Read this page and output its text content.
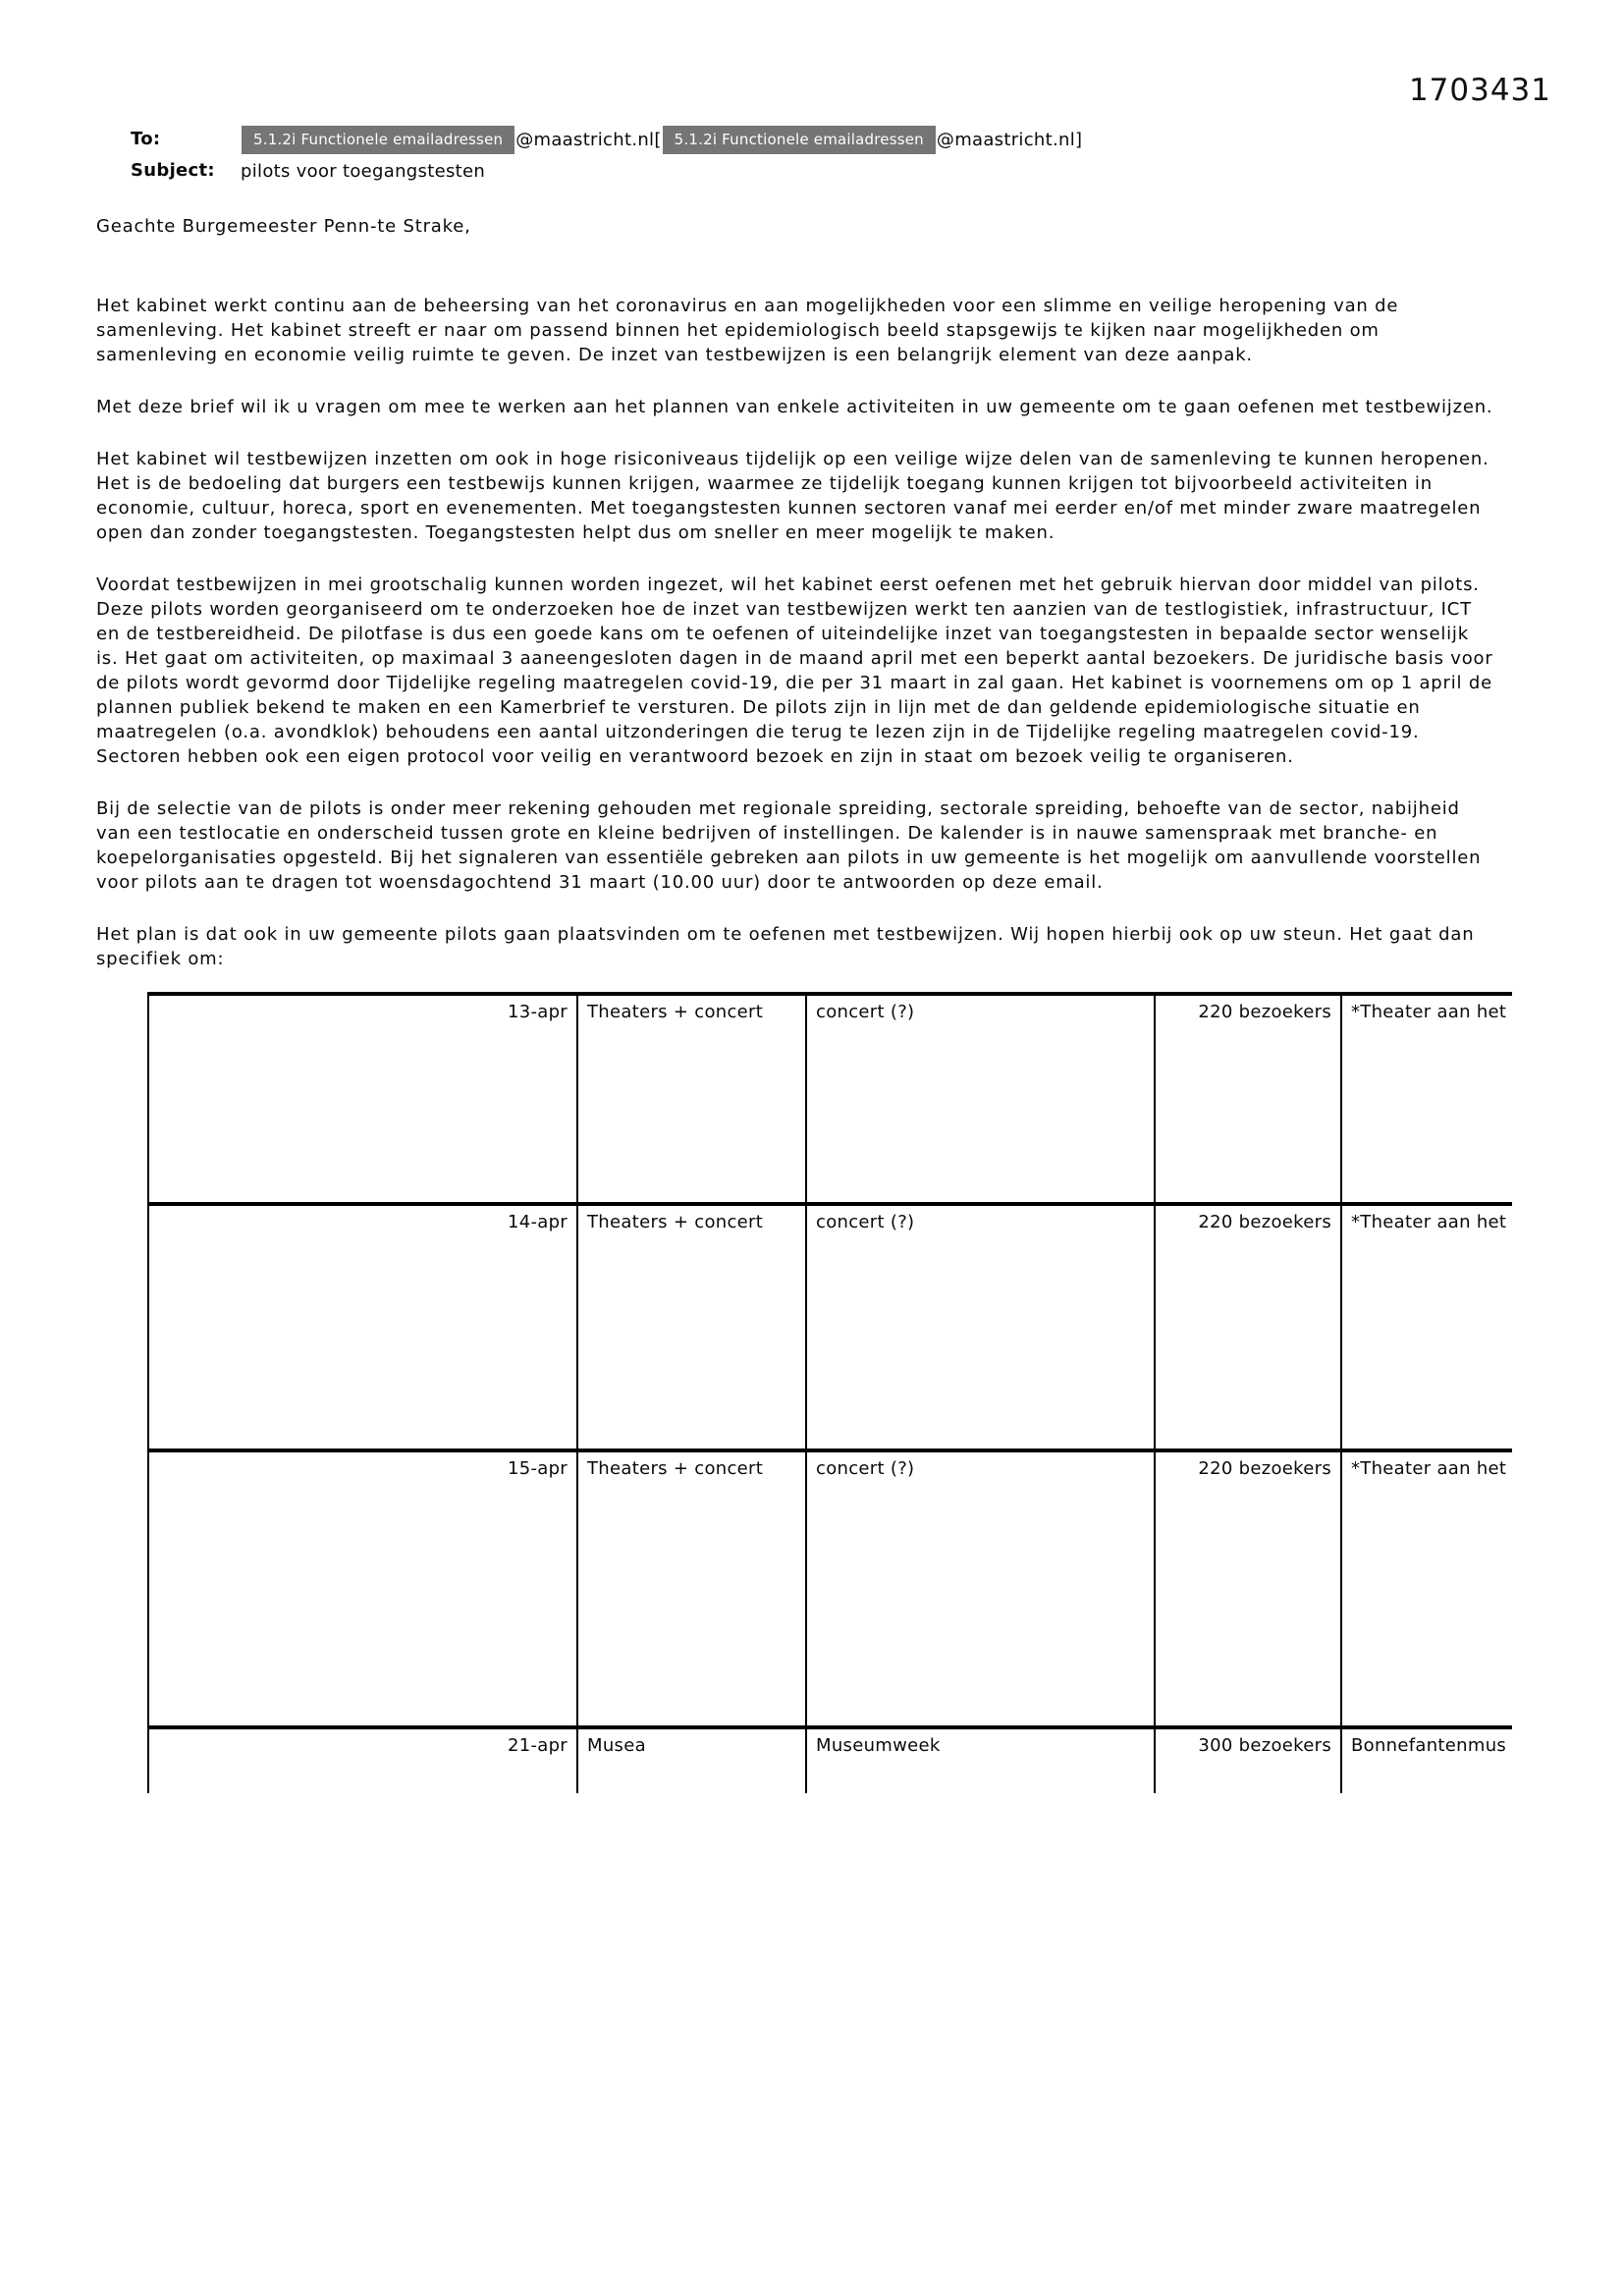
1703431
To:	5.1.2i Functionele emailadressen @maastricht.nl[ 5.1.2i Functionele emailadressen @maastricht.nl]
Subject:	pilots voor toegangstesten

Geachte Burgemeester Penn-te Strake,

Het kabinet werkt continu aan de beheersing van het coronavirus en aan mogelijkheden voor een slimme en veilige heropening van de samenleving. Het kabinet streeft er naar om passend binnen het epidemiologisch beeld stapsgewijs te kijken naar mogelijkheden om samenleving en economie veilig ruimte te geven. De inzet van testbewijzen is een belangrijk element van deze aanpak.

Met deze brief wil ik u vragen om mee te werken aan het plannen van enkele activiteiten in uw gemeente om te gaan oefenen met testbewijzen.

Het kabinet wil testbewijzen inzetten om ook in hoge risiconiveaus tijdelijk op een veilige wijze delen van de samenleving te kunnen heropenen. Het is de bedoeling dat burgers een testbewijs kunnen krijgen, waarmee ze tijdelijk toegang kunnen krijgen tot bijvoorbeeld activiteiten in economie, cultuur, horeca, sport en evenementen. Met toegangstesten kunnen sectoren vanaf mei eerder en/of met minder zware maatregelen open dan zonder toegangstesten. Toegangstesten helpt dus om sneller en meer mogelijk te maken.

Voordat testbewijzen in mei grootschalig kunnen worden ingezet, wil het kabinet eerst oefenen met het gebruik hiervan door middel van pilots. Deze pilots worden georganiseerd om te onderzoeken hoe de inzet van testbewijzen werkt ten aanzien van de testlogistiek, infrastructuur, ICT en de testbereidheid. De pilotfase is dus een goede kans om te oefenen of uiteindelijke inzet van toegangstesten in bepaalde sector wenselijk is. Het gaat om activiteiten, op maximaal 3 aaneengesloten dagen in de maand april met een beperkt aantal bezoekers. De juridische basis voor de pilots wordt gevormd door Tijdelijke regeling maatregelen covid-19, die per 31 maart in zal gaan. Het kabinet is voornemens om op 1 april de plannen publiek bekend te maken en een Kamerbrief te versturen. De pilots zijn in lijn met de dan geldende epidemiologische situatie en maatregelen (o.a. avondklok) behoudens een aantal uitzonderingen die terug te lezen zijn in de Tijdelijke regeling maatregelen covid-19. Sectoren hebben ook een eigen protocol voor veilig en verantwoord bezoek en zijn in staat om bezoek veilig te organiseren.

Bij de selectie van de pilots is onder meer rekening gehouden met regionale spreiding, sectorale spreiding, behoefte van de sector, nabijheid van een testlocatie en onderscheid tussen grote en kleine bedrijven of instellingen. De kalender is in nauwe samenspraak met branche- en koepelorganisaties opgesteld. Bij het signaleren van essentiële gebreken aan pilots in uw gemeente is het mogelijk om aanvullende voorstellen voor pilots aan te dragen tot woensdagochtend 31 maart (10.00 uur) door te antwoorden op deze email.

Het plan is dat ook in uw gemeente pilots gaan plaatsvinden om te oefenen met testbewijzen. Wij hopen hierbij ook op uw steun. Het gaat dan specifiek om:

13-apr	Theaters + concert	concert (?)	220 bezoekers	*Theater aan het
14-apr	Theaters + concert	concert (?)	220 bezoekers	*Theater aan het
15-apr	Theaters + concert	concert (?)	220 bezoekers	*Theater aan het
21-apr	Musea	Museumweek	300 bezoekers	Bonnefantenmus
